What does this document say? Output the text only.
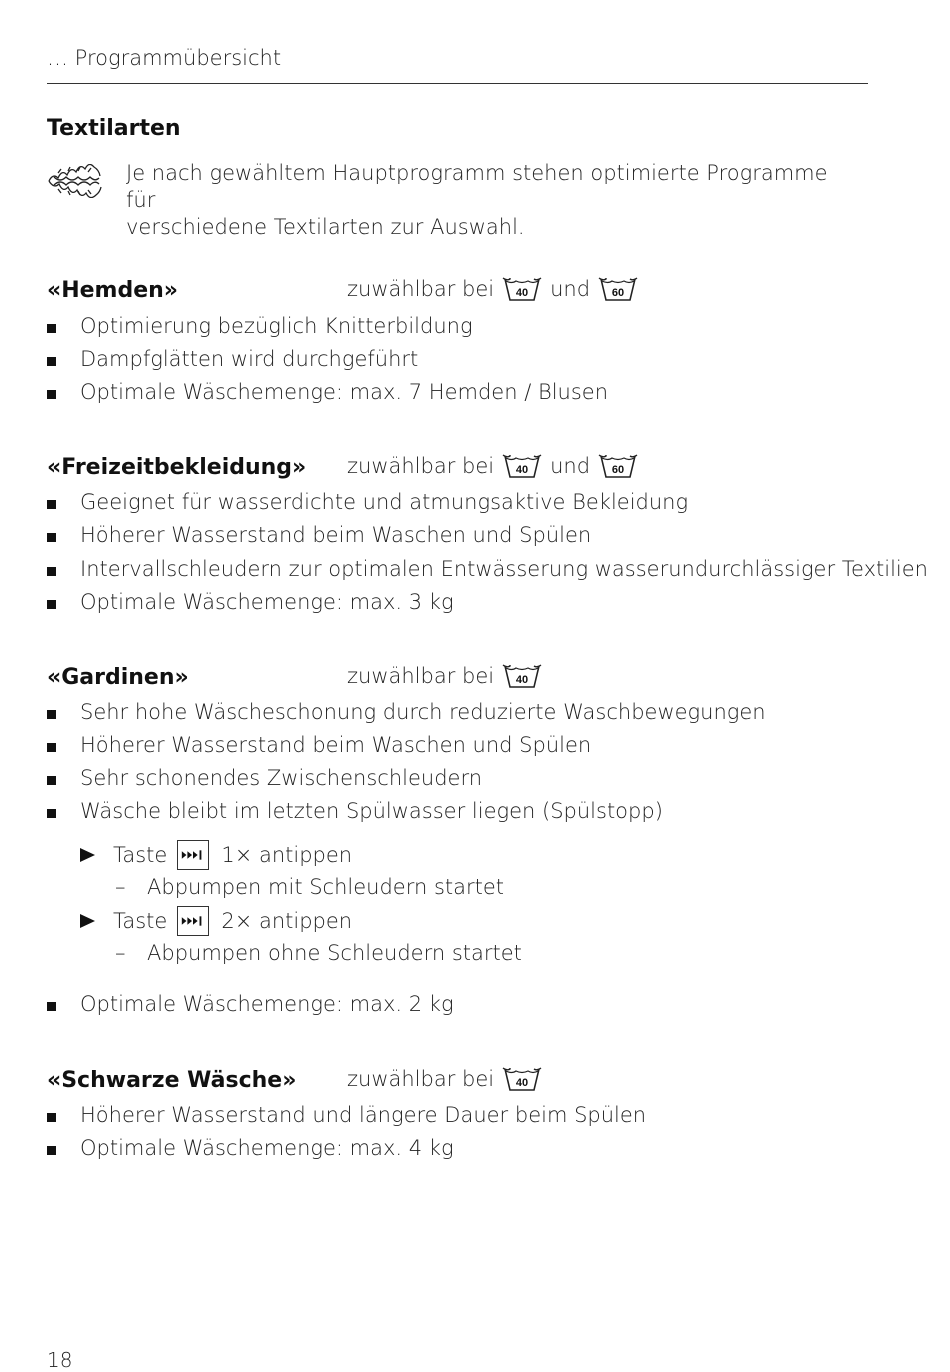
… Programmübersicht
Textilarten
Je nach gewähltem Hauptprogramm stehen optimierte Programme für
verschiedene Textilarten zur Auswahl.
«Hemden»	zuwählbar bei 40 und 60
Optimierung bezüglich Knitterbildung
Dampfglätten wird durchgeführt
Optimale Wäschemenge: max. 7 Hemden / Blusen
«Freizeitbekleidung» zuwählbar bei 40 und 60
Geeignet für wasserdichte und atmungsaktive Bekleidung
Höherer Wasserstand beim Waschen und Spülen
Intervallschleudern zur optimalen Entwässerung wasserundurchlässiger Textilien
Optimale Wäschemenge: max. 3 kg
«Gardinen»	zuwählbar bei 40
Sehr hohe Wäscheschonung durch reduzierte Waschbewegungen
Höherer Wasserstand beim Waschen und Spülen
Sehr schonendes Zwischenschleudern
Wäsche bleibt im letzten Spülwasser liegen (Spülstopp)
Taste	1× antippen
– Abpumpen mit Schleudern startet
Taste	2× antippen
– Abpumpen ohne Schleudern startet
Optimale Wäschemenge: max. 2 kg
«Schwarze Wäsche» zuwählbar bei 40
Höherer Wasserstand und längere Dauer beim Spülen
Optimale Wäschemenge: max. 4 kg
18
